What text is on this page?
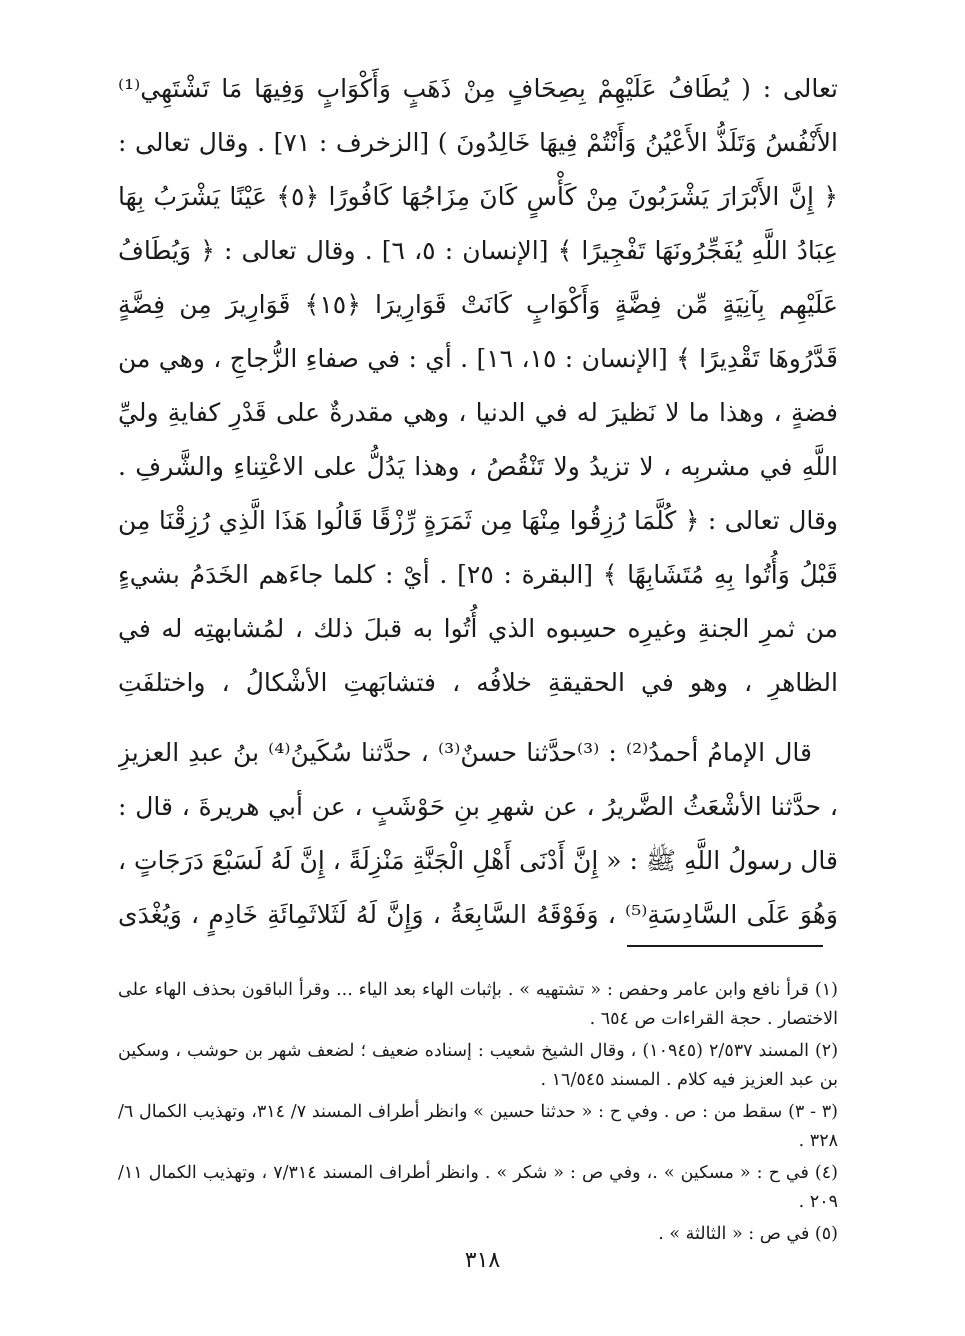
تعالى : ( يُطَافُ عَلَيْهِمْ بِصِحَافٍ مِنْ ذَهَبٍ وَأَكْوَابٍ وَفِيهَا مَا تَشْتَهِي⁽¹⁾ الأَنْفُسُ وَتَلَذُّ الأَعْيُنُ وَأَنْتُمْ فِيهَا خَالِدُونَ ) [الزخرف : ٧١] . وقال تعالى : ﴿ إِنَّ الأَبْرَارَ يَشْرَبُونَ مِنْ كَأْسٍ كَانَ مِزَاجُهَا كَافُورًا ﴿٥﴾ عَيْنًا يَشْرَبُ بِهَا عِبَادُ اللَّهِ يُفَجِّرُونَهَا تَفْجِيرًا ﴾ [الإنسان : ٥، ٦] . وقال تعالى : ﴿ وَيُطَافُ عَلَيْهِم بِآنِيَةٍ مِّن فِضَّةٍ وَأَكْوَابٍ كَانَتْ قَوَارِيرَا ﴿١٥﴾ قَوَارِيرَ مِن فِضَّةٍ قَدَّرُوهَا تَقْدِيرًا ﴾ [الإنسان : ١٥، ١٦] . أي : في صفاءِ الزُّجاجِ ، وهي من فضةٍ ، وهذا ما لا نَظيرَ له في الدنيا ، وهي مقدرةٌ على قَدْرِ كفايةِ وليِّ اللَّهِ في مشربِه ، لا تزيدُ ولا تَنْقُصُ ، وهذا يَدُلُّ على الاعْتِناءِ والشَّرفِ . وقال تعالى : ﴿ كُلَّمَا رُزِقُوا مِنْهَا مِن ثَمَرَةٍ رِّزْقًا قَالُوا هَذَا الَّذِي رُزِقْنَا مِن قَبْلُ وَأُتُوا بِهِ مُتَشَابِهًا ﴾ [البقرة : ٢٥] . أيْ : كلما جاءَهم الخَدَمُ بشيءٍ من ثمرِ الجنةِ وغيرِه حسِبوه الذي أُتُوا به قبلَ ذلك ، لمُشابهتِه له في الظاهرِ ، وهو في الحقيقةِ خلافُه ، فتشابَهتِ الأشْكالُ ، واختلفَتِ

قال الإمامُ أحمدُ⁽²⁾ : ⁽³⁾حدَّثنا حسنٌ⁽³⁾ ، حدَّثنا سُكَينُ⁽⁴⁾ بنُ عبدِ العزيزِ ، حدَّثنا الأشْعَثُ الضَّريرُ ، عن شهرِ بنِ حَوْشَبٍ ، عن أبي هريرةَ ، قال : قال رسولُ اللَّهِ ﷺ : « إِنَّ أَدْنَى أَهْلِ الْجَنَّةِ مَنْزِلَةً ، إِنَّ لَهُ لَسَبْعَ دَرَجَاتٍ ، وَهُوَ عَلَى السَّادِسَةِ⁽⁵⁾ ، وَفَوْقَهُ السَّابِعَةُ ، وَإِنَّ لَهُ لَثَلاثَمِائَةِ خَادِمٍ ، وَيُغْدَى

(١) قرأ نافع وابن عامر وحفص : « تشتهيه » . بإثبات الهاء بعد الياء ... وقرأ الباقون بحذف الهاء على الاختصار . حجة القراءات ص ٦٥٤ .

(٢) المسند ٢/٥٣٧ (١٠٩٤٥) ، وقال الشيخ شعيب : إسناده ضعيف ؛ لضعف شهر بن حوشب ، وسكين بن عبد العزيز فيه كلام . المسند ١٦/٥٤٥ .

(٣ - ٣) سقط من : ص . وفي ح : « حدثنا حسين » وانظر أطراف المسند ٧/ ٣١٤، وتهذيب الكمال ٦/ ٣٢٨ .

(٤) في ح : « مسكين » .، وفي ص : « شكر » . وانظر أطراف المسند ٧/٣١٤ ، وتهذيب الكمال ١١/ ٢٠٩ .

(٥) في ص : « الثالثة » .

٣١٨
